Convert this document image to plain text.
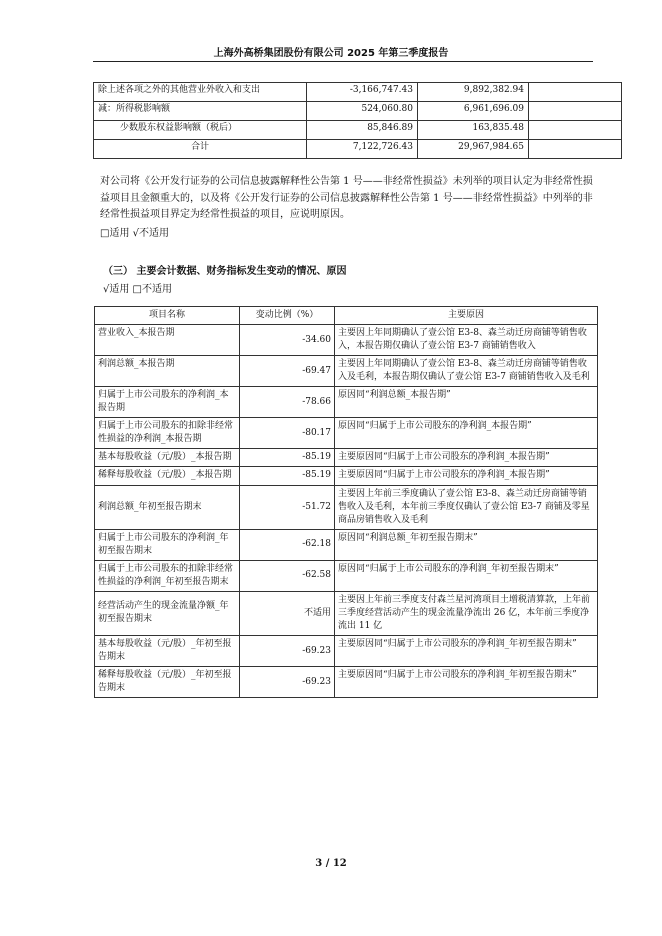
上海外高桥集团股份有限公司 2025 年第三季度报告
除上述各项之外的其他营业外收入和支出	-3,166,747.43	9,892,382.94	
减：所得税影响额	524,060.80	6,961,696.09	
少数股东权益影响额（税后）	85,846.89	163,835.48	
合计	7,122,726.43	29,967,984.65	
对公司将《公开发行证券的公司信息披露解释性公告第 1 号——非经常性损益》未列举的项目认定为非经常性损益项目且金额重大的，以及将《公开发行证券的公司信息披露解释性公告第 1 号——非经常性损益》中列举的非经常性损益项目界定为经常性损益的项目，应说明原因。
□适用 √不适用
（三） 主要会计数据、财务指标发生变动的情况、原因
√适用 □不适用
项目名称	变动比例（%）	主要原因
营业收入_本报告期	-34.60	主要因上年同期确认了壹公馆 E3-8、森兰动迁房商铺等销售收入，本报告期仅确认了壹公馆 E3-7 商铺销售收入
利润总额_本报告期	-69.47	主要因上年同期确认了壹公馆 E3-8、森兰动迁房商铺等销售收入及毛利，本报告期仅确认了壹公馆 E3-7 商铺销售收入及毛利
归属于上市公司股东的净利润_本报告期	-78.66	原因同“利润总额_本报告期”
归属于上市公司股东的扣除非经常性损益的净利润_本报告期	-80.17	原因同“归属于上市公司股东的净利润_本报告期”
基本每股收益（元/股）_本报告期	-85.19	主要原因同“归属于上市公司股东的净利润_本报告期”
稀释每股收益（元/股）_本报告期	-85.19	主要原因同“归属于上市公司股东的净利润_本报告期”
利润总额_年初至报告期末	-51.72	主要因上年前三季度确认了壹公馆 E3-8、森兰动迁房商铺等销售收入及毛利，本年前三季度仅确认了壹公馆 E3-7 商铺及零星商品房销售收入及毛利
归属于上市公司股东的净利润_年初至报告期末	-62.18	原因同“利润总额_年初至报告期末”
归属于上市公司股东的扣除非经常性损益的净利润_年初至报告期末	-62.58	原因同“归属于上市公司股东的净利润_年初至报告期末”
经营活动产生的现金流量净额_年初至报告期末	不适用	主要因上年前三季度支付森兰星河湾项目土增税清算款，上年前三季度经营活动产生的现金流量净流出 26 亿，本年前三季度净流出 11 亿
基本每股收益（元/股）_年初至报告期末	-69.23	主要原因同“归属于上市公司股东的净利润_年初至报告期末”
稀释每股收益（元/股）_年初至报告期末	-69.23	主要原因同“归属于上市公司股东的净利润_年初至报告期末”
3 / 12
